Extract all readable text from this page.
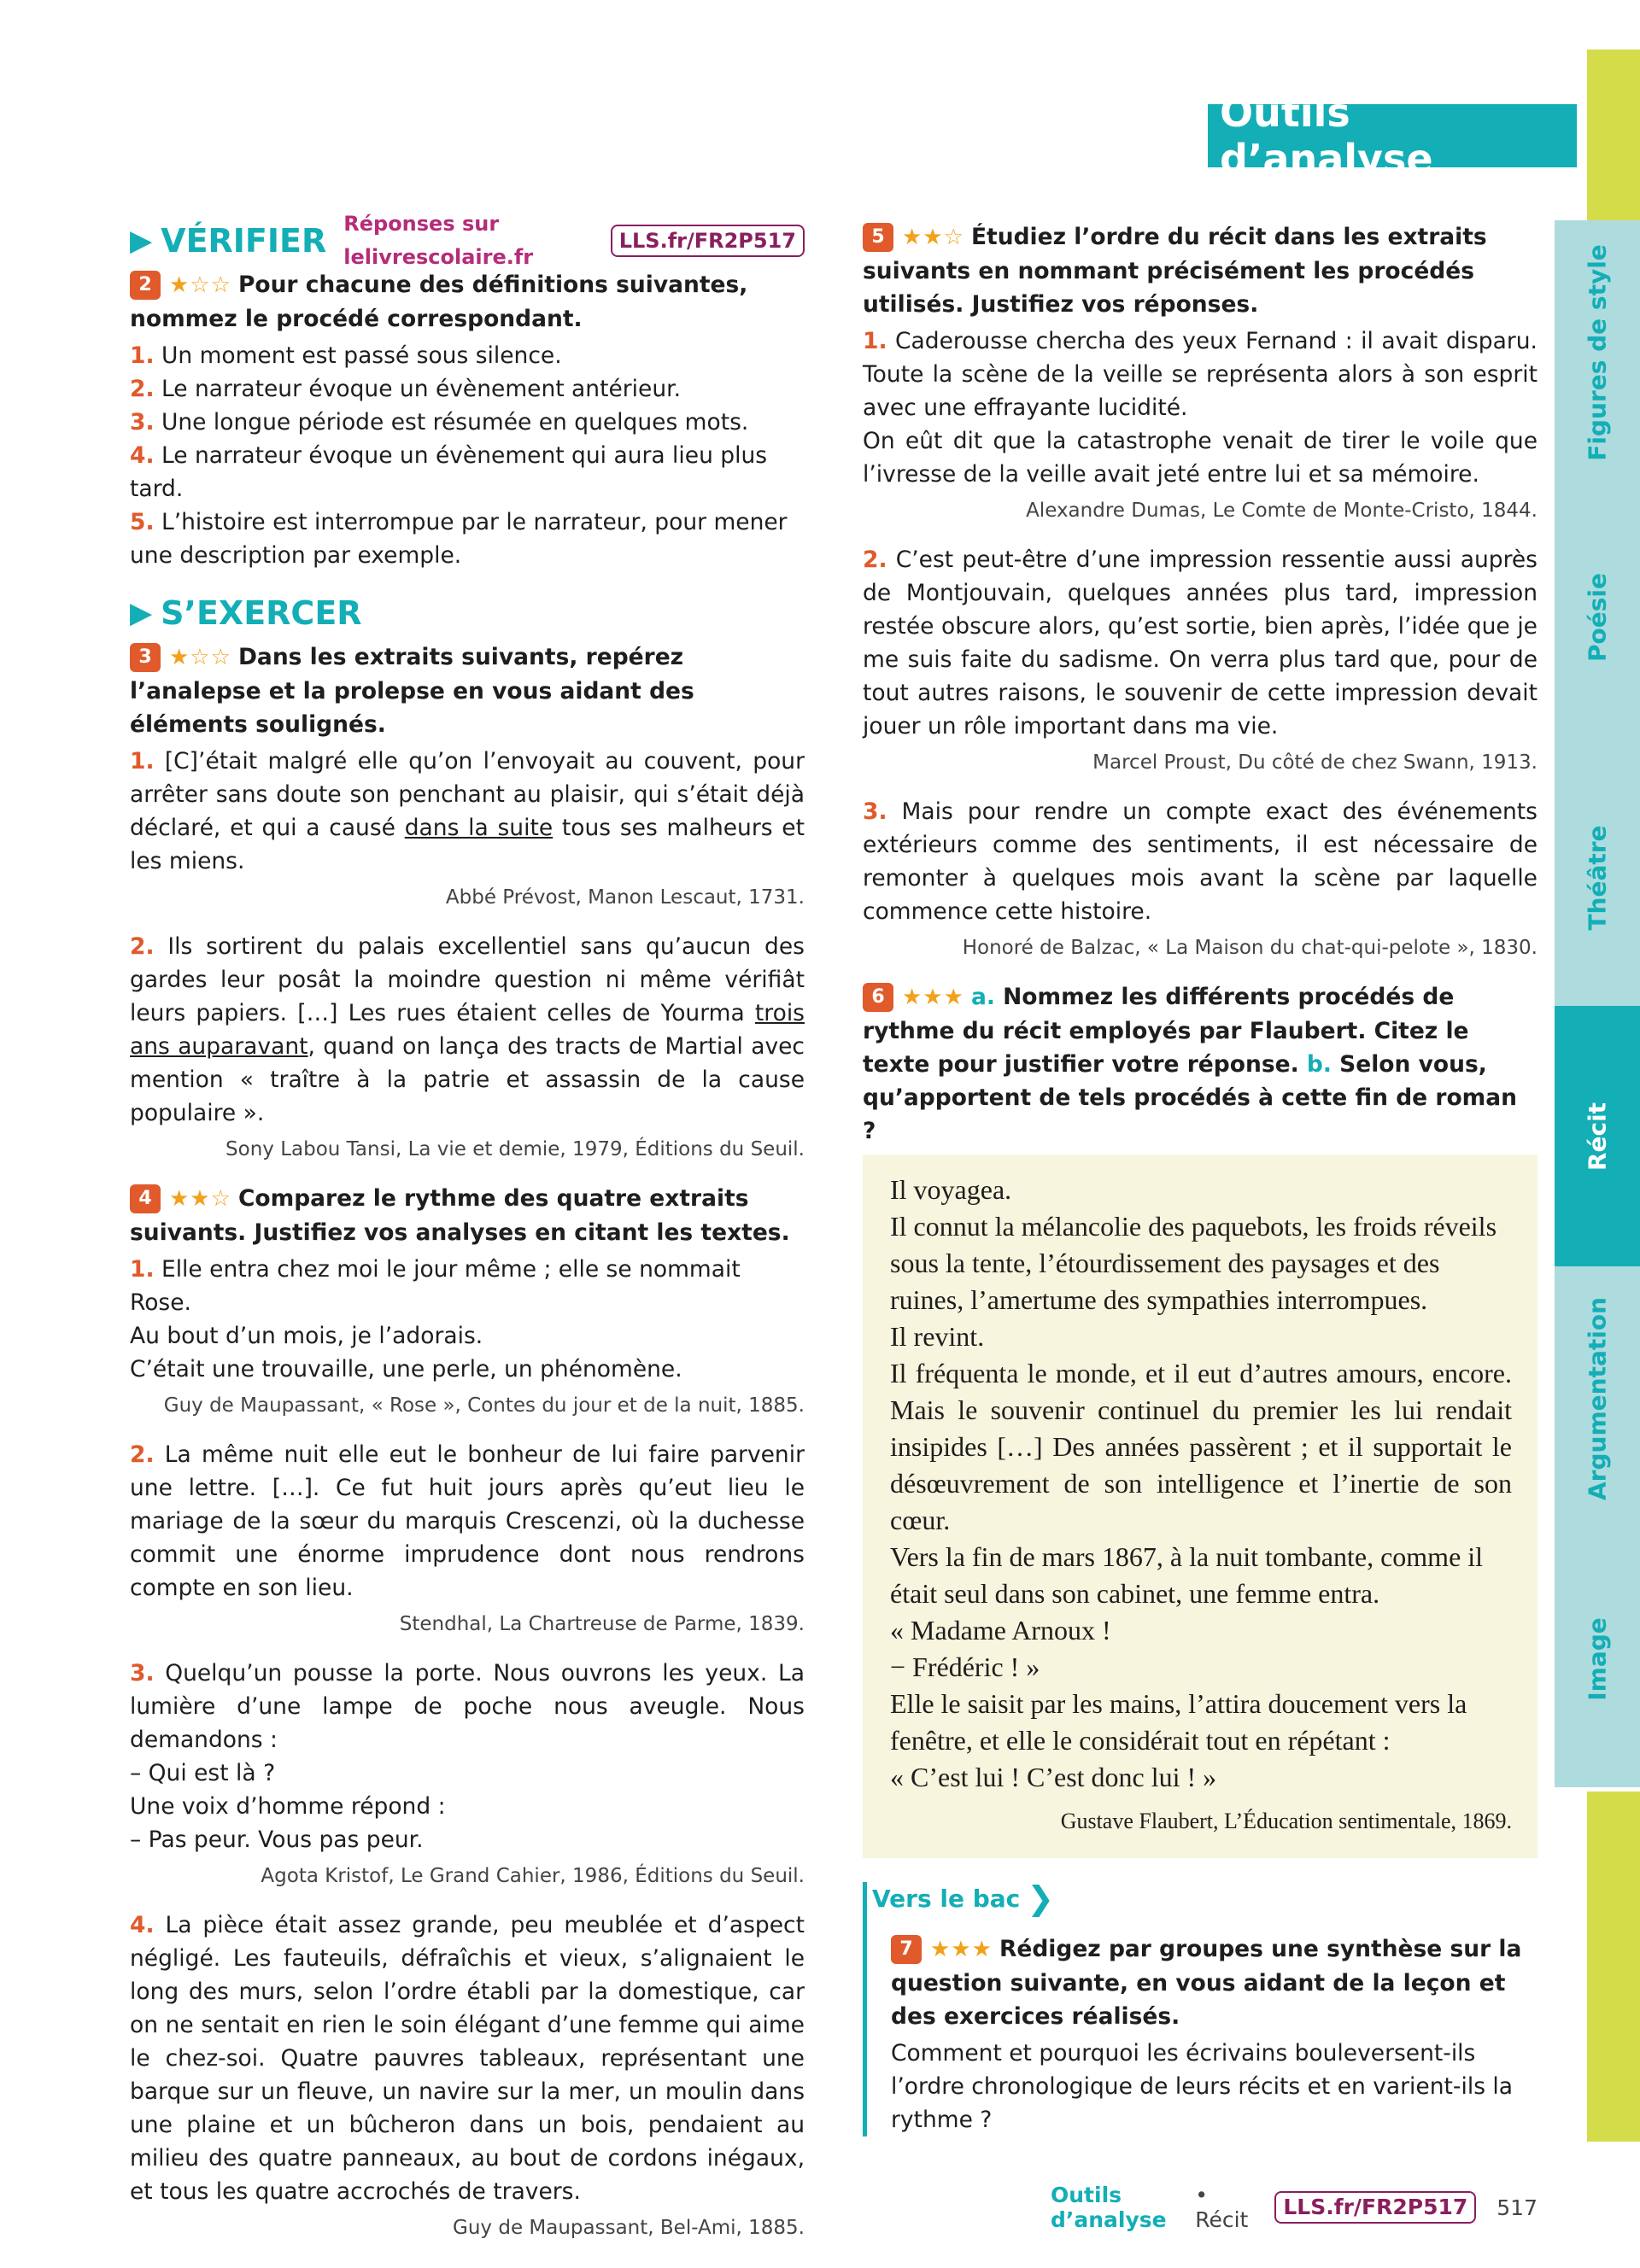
Figures de style
Poésie
Théâtre
Récit
Argumentation
Image
Outils d’analyse
▶ VÉRIFIER Réponses sur lelivrescolaire.fr
LLS.fr/FR2P517
2 ★☆☆ Pour chacune des définitions suivantes, nommez le procédé correspondant.

1. Un moment est passé sous silence.

2. Le narrateur évoque un évènement antérieur.

3. Une longue période est résumée en quelques mots.

4. Le narrateur évoque un évènement qui aura lieu plus tard.

5. L’histoire est interrompue par le narrateur, pour mener une description par exemple.

▶ S’EXERCER
3 ★☆☆ Dans les extraits suivants, repérez l’analepse et la prolepse en vous aidant des éléments soulignés.

1. [C]’était malgré elle qu’on l’envoyait au couvent, pour arrêter sans doute son penchant au plaisir, qui s’était déjà déclaré, et qui a causé dans la suite tous ses malheurs et les miens.

Abbé Prévost, Manon Lescaut, 1731.

2. Ils sortirent du palais excellentiel sans qu’aucun des gardes leur posât la moindre question ni même vérifiât leurs papiers. […] Les rues étaient celles de Yourma trois ans auparavant, quand on lança des tracts de Martial avec mention « traître à la patrie et assassin de la cause populaire ».

Sony Labou Tansi, La vie et demie, 1979, Éditions du Seuil.
4 ★★☆ Comparez le rythme des quatre extraits suivants. Justifiez vos analyses en citant les textes.

1. Elle entra chez moi le jour même ; elle se nommait Rose.

Au bout d’un mois, je l’adorais.

C’était une trouvaille, une perle, un phénomène.

Guy de Maupassant, « Rose », Contes du jour et de la nuit, 1885.

2. La même nuit elle eut le bonheur de lui faire parvenir une lettre. […]. Ce fut huit jours après qu’eut lieu le mariage de la sœur du marquis Crescenzi, où la duchesse commit une énorme imprudence dont nous rendrons compte en son lieu.

Stendhal, La Chartreuse de Parme, 1839.

3. Quelqu’un pousse la porte. Nous ouvrons les yeux. La lumière d’une lampe de poche nous aveugle. Nous demandons :

– Qui est là ?

Une voix d’homme répond :

– Pas peur. Vous pas peur.

Agota Kristof, Le Grand Cahier, 1986, Éditions du Seuil.

4. La pièce était assez grande, peu meublée et d’aspect négligé. Les fauteuils, défraîchis et vieux, s’alignaient le long des murs, selon l’ordre établi par la domestique, car on ne sentait en rien le soin élégant d’une femme qui aime le chez-soi. Quatre pauvres tableaux, représentant une barque sur un fleuve, un navire sur la mer, un moulin dans une plaine et un bûcheron dans un bois, pendaient au milieu des quatre panneaux, au bout de cordons inégaux, et tous les quatre accrochés de travers.

Guy de Maupassant, Bel-Ami, 1885.
5 ★★☆ Étudiez l’ordre du récit dans les extraits suivants en nommant précisément les procédés utilisés. Justifiez vos réponses.

1. Caderousse chercha des yeux Fernand : il avait disparu. Toute la scène de la veille se représenta alors à son esprit avec une effrayante lucidité.

On eût dit que la catastrophe venait de tirer le voile que l’ivresse de la veille avait jeté entre lui et sa mémoire.

Alexandre Dumas, Le Comte de Monte-Cristo, 1844.

2. C’est peut-être d’une impression ressentie aussi auprès de Montjouvain, quelques années plus tard, impression restée obscure alors, qu’est sortie, bien après, l’idée que je me suis faite du sadisme. On verra plus tard que, pour de tout autres raisons, le souvenir de cette impression devait jouer un rôle important dans ma vie.

Marcel Proust, Du côté de chez Swann, 1913.

3. Mais pour rendre un compte exact des événements extérieurs comme des sentiments, il est nécessaire de remonter à quelques mois avant la scène par laquelle commence cette histoire.

Honoré de Balzac, « La Maison du chat-qui-pelote », 1830.
6 ★★★ a. Nommez les différents procédés de rythme du récit employés par Flaubert. Citez le texte pour justifier votre réponse. b. Selon vous, qu’apportent de tels procédés à cette fin de roman ?
Il voyagea.
Il connut la mélancolie des paquebots, les froids réveils sous la tente, l’étourdissement des paysages et des ruines, l’amertume des sympathies interrompues.
Il revint.
Il fréquenta le monde, et il eut d’autres amours, encore. Mais le souvenir continuel du premier les lui rendait insipides […] Des années passèrent ; et il supportait le désœuvrement de son intelligence et l’inertie de son cœur.
Vers la fin de mars 1867, à la nuit tombante, comme il était seul dans son cabinet, une femme entra.
« Madame Arnoux !
− Frédéric ! »
Elle le saisit par les mains, l’attira doucement vers la fenêtre, et elle le considérait tout en répétant :
« C’est lui ! C’est donc lui ! »
Gustave Flaubert, L’Éducation sentimentale, 1869.
Vers le bac ❯
7 ★★★ Rédigez par groupes une synthèse sur la question suivante, en vous aidant de la leçon et des exercices réalisés.

Comment et pourquoi les écrivains bouleversent-ils l’ordre chronologique de leurs récits et en varient-ils la rythme ?

Outils d’analyse
• Récit
LLS.fr/FR2P517	517
